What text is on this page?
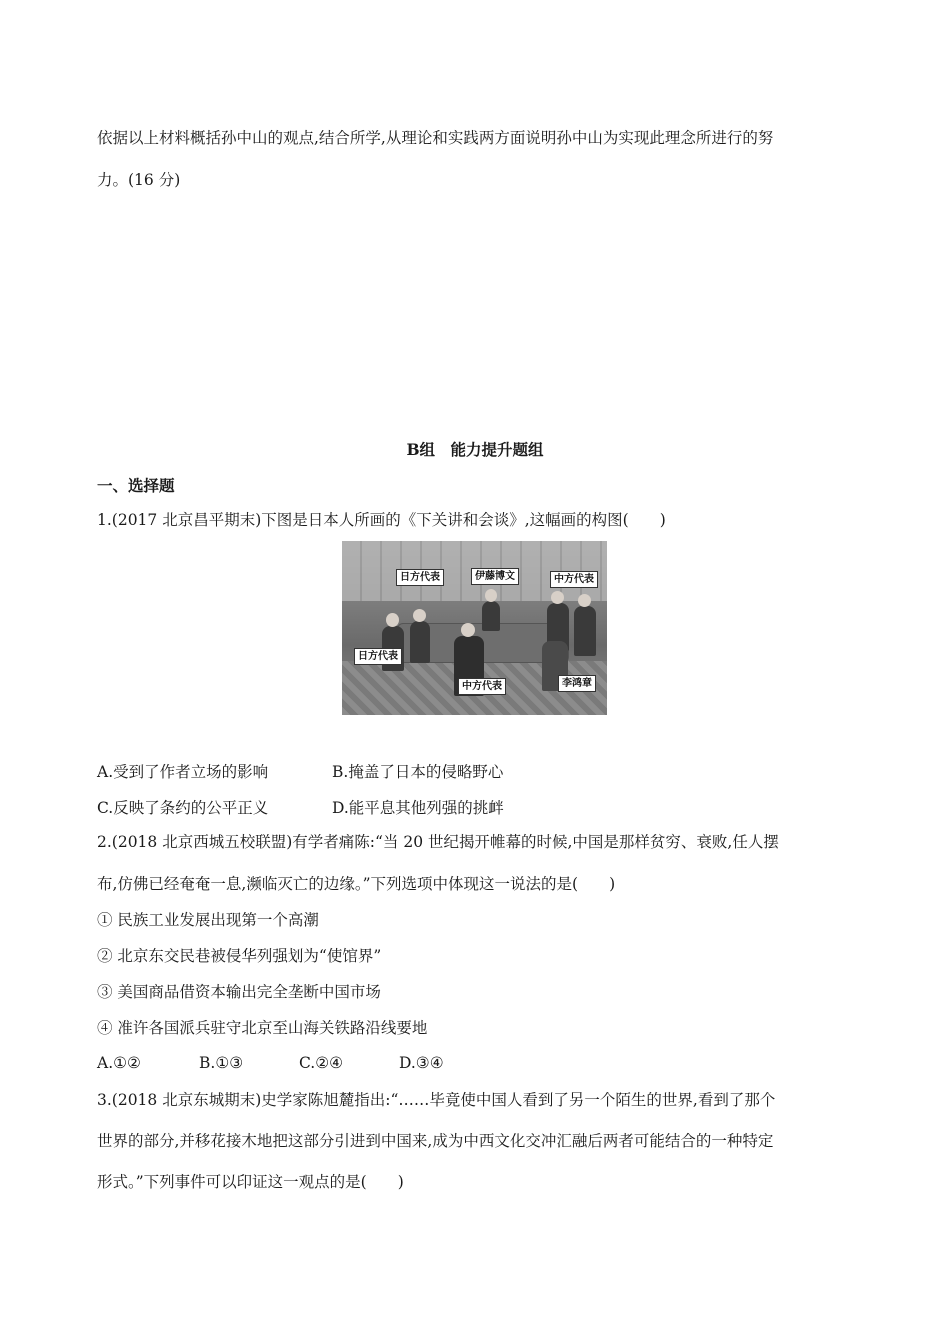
依据以上材料概括孙中山的观点,结合所学,从理论和实践两方面说明孙中山为实现此理念所进行的努
力。(16 分)
B组　能力提升题组
一、选择题
1.(2017 北京昌平期末)下图是日本人所画的《下关讲和会谈》,这幅画的构图(　　)
日方代表	伊藤博文	中方代表
日方代表
中方代表	李鸿章
A.受到了作者立场的影响	B.掩盖了日本的侵略野心
C.反映了条约的公平正义	D.能平息其他列强的挑衅
2.(2018 北京西城五校联盟)有学者痛陈:“当 20 世纪揭开帷幕的时候,中国是那样贫穷、衰败,任人摆
布,仿佛已经奄奄一息,濒临灭亡的边缘。”下列选项中体现这一说法的是(　　)
① 民族工业发展出现第一个高潮
② 北京东交民巷被侵华列强划为“使馆界”
③ 美国商品借资本输出完全垄断中国市场
④ 准许各国派兵驻守北京至山海关铁路沿线要地
A.①②	B.①③	C.②④	D.③④
3.(2018 北京东城期末)史学家陈旭麓指出:“……毕竟使中国人看到了另一个陌生的世界,看到了那个
世界的部分,并移花接木地把这部分引进到中国来,成为中西文化交冲汇融后两者可能结合的一种特定
形式。”下列事件可以印证这一观点的是(　　)
